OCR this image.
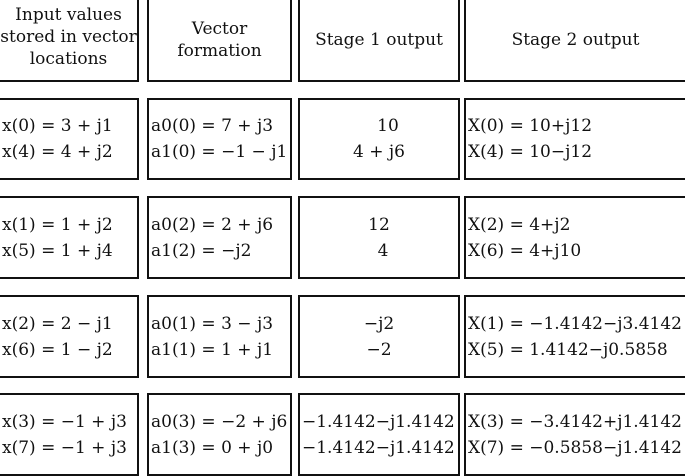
Input values
stored in vector
locations
Vector formation
Stage 1 output	Stage 2 output
x(0) = 3 + j1
x(4) = 4 + j2
a0(0) = 7 + j3
a1(0) = −1 − j1
10
4 + j6
X(0) = 10+j12
X(4) = 10−j12
x(1) = 1 + j2
x(5) = 1 + j4
a0(2) = 2 + j6
a1(2) = −j2
12
4
X(2) = 4+j2
X(6) = 4+j10
x(2) = 2 − j1
x(6) = 1 − j2
a0(1) = 3 − j3
a1(1) = 1 + j1
−j2
−2
X(1) = −1.4142−j3.4142
X(5) = 1.4142−j0.5858
x(3) = −1 + j3
x(7) = −1 + j3
a0(3) = −2 + j6
a1(3) = 0 + j0
−1.4142−j1.4142
−1.4142−j1.4142
X(3) = −3.4142+j1.4142
X(7) = −0.5858−j1.4142
